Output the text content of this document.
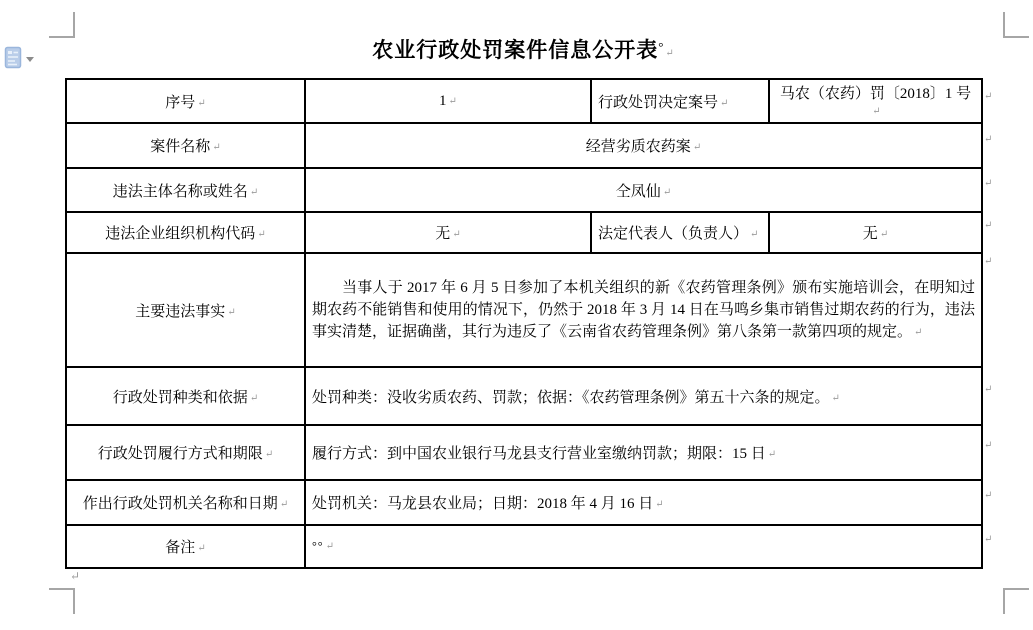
农业行政处罚案件信息公开表° ↵
序号 ↵	1 ↵	行政处罚决定案号 ↵	马农（农药）罚〔2018〕1 号↵
案件名称 ↵	经营劣质农药案 ↵		
违法主体名称或姓名 ↵	仝凤仙 ↵		
违法企业组织机构代码 ↵	无 ↵	法定代表人（负责人） ↵	无 ↵
主要违法事实 ↵	当事人于 2017 年 6 月 5 日参加了本机关组织的新《农药管理条例》颁布实施培训会，在明知过期农药不能销售和使用的情况下，仍然于 2018 年 3 月 14 日在马鸣乡集市销售过期农药的行为，违法事实清楚，证据确凿，其行为违反了《云南省农药管理条例》第八条第一款第四项的规定。 ↵		

行政处罚种类和依据 ↵	处罚种类：没收劣质农药、罚款；依据：《农药管理条例》第五十六条的规定。 ↵		
行政处罚履行方式和期限 ↵	履行方式：到中国农业银行马龙县支行营业室缴纳罚款；期限：15 日 ↵		
作出行政处罚机关名称和日期 ↵	处罚机关：马龙县农业局；日期：2018 年 4 月 16 日 ↵		
备注 ↵	°° ↵		
↵
↵
↵
↵
↵
↵
↵
↵
↵
↵
